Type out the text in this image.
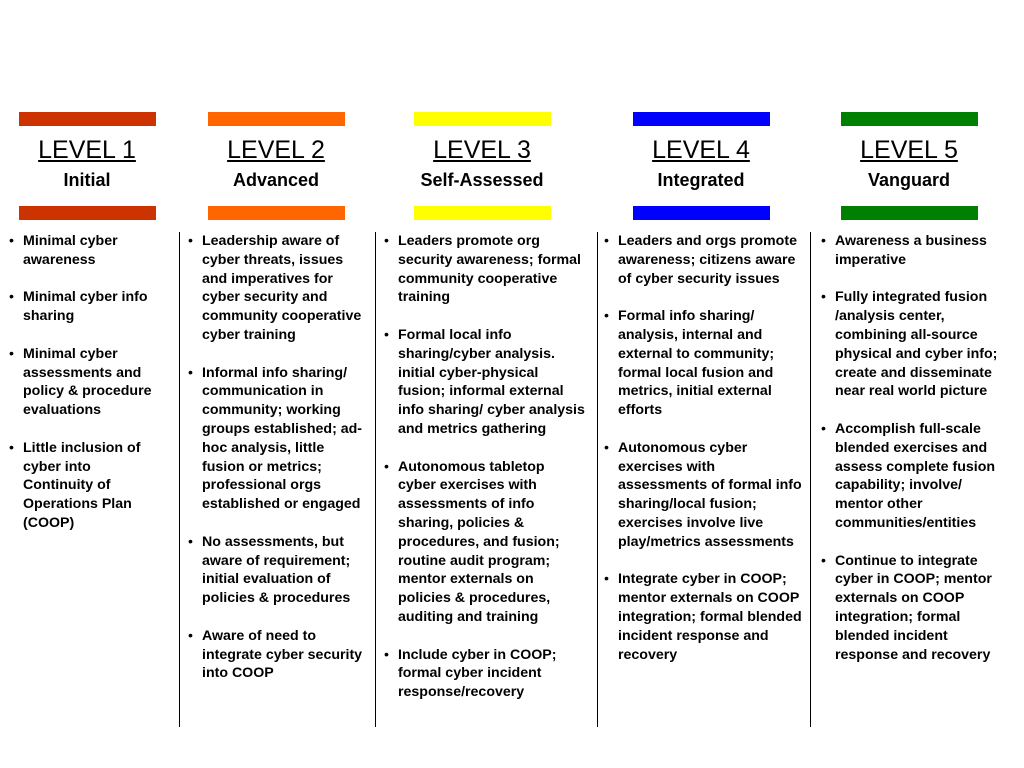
LEVEL 1
Initial
• Minimal cyber awareness
• Minimal cyber info sharing
• Minimal cyber assessments and policy & procedure evaluations
• Little inclusion of cyber into Continuity of Operations Plan (COOP)
LEVEL 2
Advanced
• Leadership aware of cyber threats, issues and imperatives for cyber security and community cooperative cyber training
• Informal info sharing/ communication in community; working groups established; ad-hoc analysis, little fusion or metrics; professional orgs established or engaged
• No assessments, but aware of requirement; initial evaluation of policies & procedures
• Aware of need to integrate cyber security into COOP
LEVEL 3
Self-Assessed
• Leaders promote org security awareness; formal community cooperative training
• Formal local info sharing/cyber analysis. initial cyber-physical fusion; informal external info sharing/ cyber analysis and metrics gathering
• Autonomous tabletop cyber exercises with assessments of info sharing, policies & procedures, and fusion; routine audit program; mentor externals on policies & procedures, auditing and training
• Include cyber in COOP; formal cyber incident response/recovery
LEVEL 4
Integrated
• Leaders and orgs promote awareness; citizens aware of cyber security issues
• Formal info sharing/ analysis, internal and external to community; formal local fusion and metrics, initial external efforts
• Autonomous cyber exercises with assessments of formal info sharing/local fusion; exercises involve live play/metrics assessments
• Integrate cyber in COOP; mentor externals on COOP integration; formal blended incident response and recovery
LEVEL 5
Vanguard
• Awareness a business imperative
• Fully integrated fusion /analysis center, combining all-source physical and cyber info; create and disseminate near real world picture
• Accomplish full-scale blended exercises and assess complete fusion capability; involve/ mentor other communities/entities
• Continue to integrate cyber in COOP; mentor externals on COOP integration; formal blended incident response and recovery
